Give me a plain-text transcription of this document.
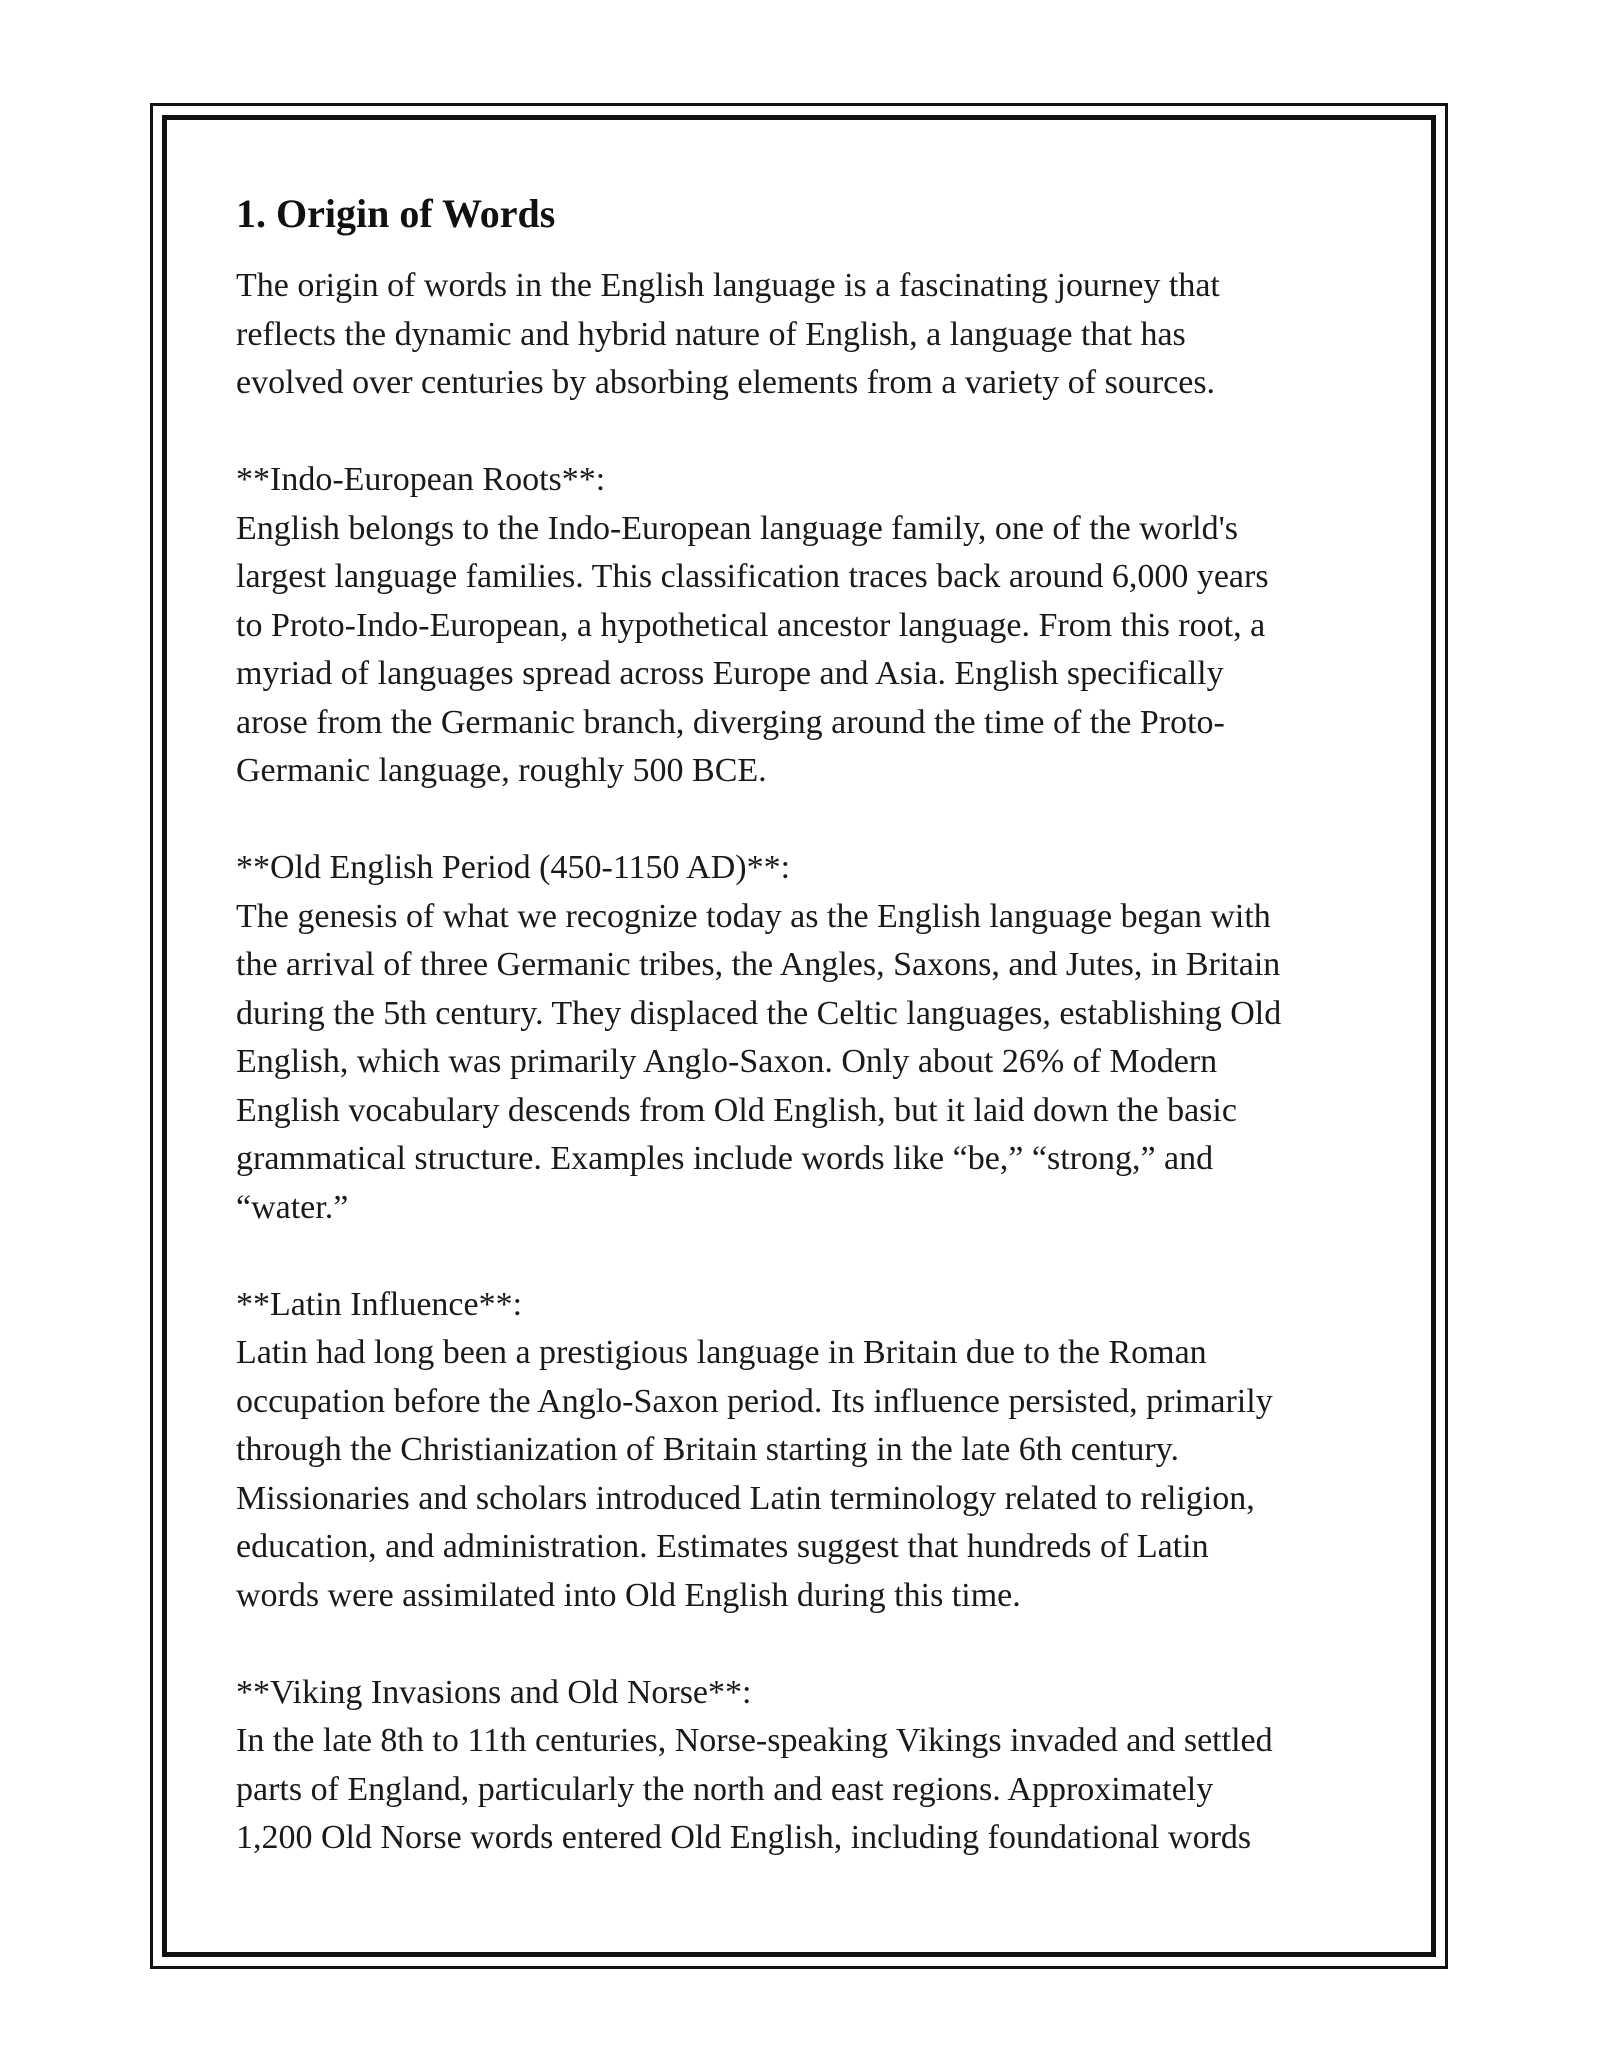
1. Origin of Words

The origin of words in the English language is a fascinating journey that
reflects the dynamic and hybrid nature of English, a language that has
evolved over centuries by absorbing elements from a variety of sources.

**Indo-European Roots**:

English belongs to the Indo-European language family, one of the world's
largest language families. This classification traces back around 6,000 years
to Proto-Indo-European, a hypothetical ancestor language. From this root, a
myriad of languages spread across Europe and Asia. English specifically
arose from the Germanic branch, diverging around the time of the Proto-
Germanic language, roughly 500 BCE.

**Old English Period (450-1150 AD)**:

The genesis of what we recognize today as the English language began with
the arrival of three Germanic tribes, the Angles, Saxons, and Jutes, in Britain
during the 5th century. They displaced the Celtic languages, establishing Old
English, which was primarily Anglo-Saxon. Only about 26% of Modern
English vocabulary descends from Old English, but it laid down the basic
grammatical structure. Examples include words like “be,” “strong,” and
“water.”

**Latin Influence**:

Latin had long been a prestigious language in Britain due to the Roman
occupation before the Anglo-Saxon period. Its influence persisted, primarily
through the Christianization of Britain starting in the late 6th century.
Missionaries and scholars introduced Latin terminology related to religion,
education, and administration. Estimates suggest that hundreds of Latin
words were assimilated into Old English during this time.

**Viking Invasions and Old Norse**:

In the late 8th to 11th centuries, Norse-speaking Vikings invaded and settled
parts of England, particularly the north and east regions. Approximately
1,200 Old Norse words entered Old English, including foundational words
